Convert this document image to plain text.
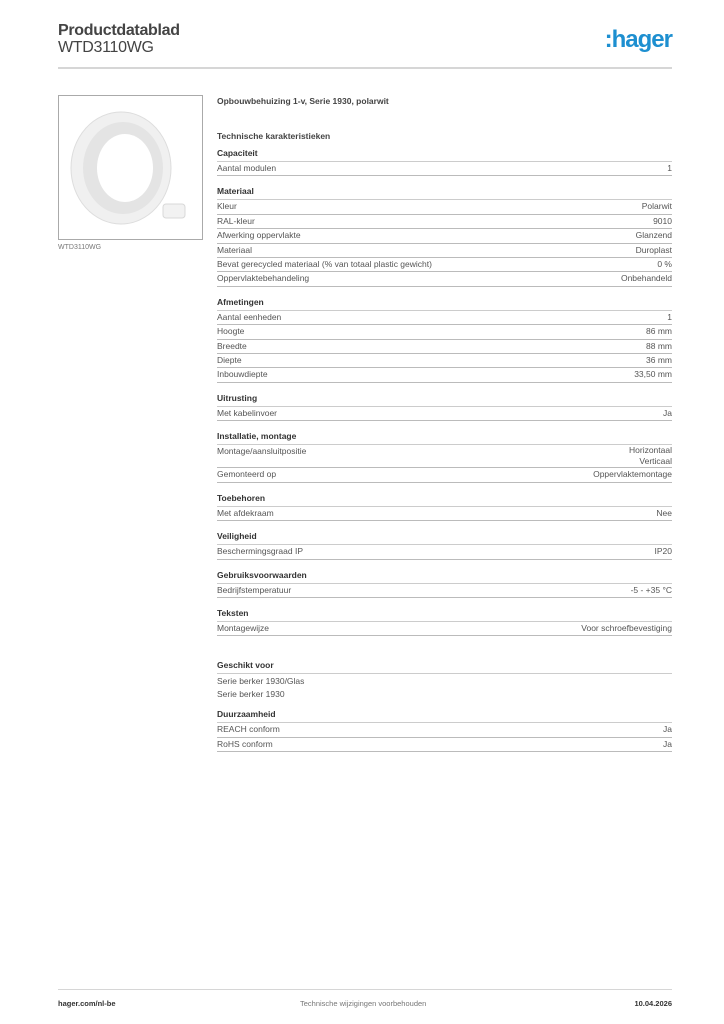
Productdatablad
WTD3110WG	:hager
WTD3110WG
Opbouwbehuizing 1-v, Serie 1930, polarwit
Technische karakteristieken
Capaciteit
Aantal modulen	1
Materiaal
Kleur	Polarwit
RAL-kleur	9010
Afwerking oppervlakte	Glanzend
Materiaal	Duroplast
Bevat gerecycled materiaal (% van totaal plastic gewicht)	0 %
Oppervlaktebehandeling	Onbehandeld
Afmetingen
Aantal eenheden	1
Hoogte	86 mm
Breedte	88 mm
Diepte	36 mm
Inbouwdiepte	33,50 mm
Uitrusting
Met kabelinvoer	Ja
Installatie, montage
Montage/aansluitpositie	Horizontaal
Verticaal
Gemonteerd op	Oppervlaktemontage
Toebehoren
Met afdekraam	Nee
Veiligheid
Beschermingsgraad IP	IP20
Gebruiksvoorwaarden
Bedrijfstemperatuur	-5 - +35 °C
Teksten
Montagewijze	Voor schroefbevestiging
Geschikt voor
Serie berker 1930/Glas
Serie berker 1930
Duurzaamheid
REACH conform	Ja
RoHS conform	Ja
hager.com/nl-be	Technische wijzigingen voorbehouden	10.04.2026
